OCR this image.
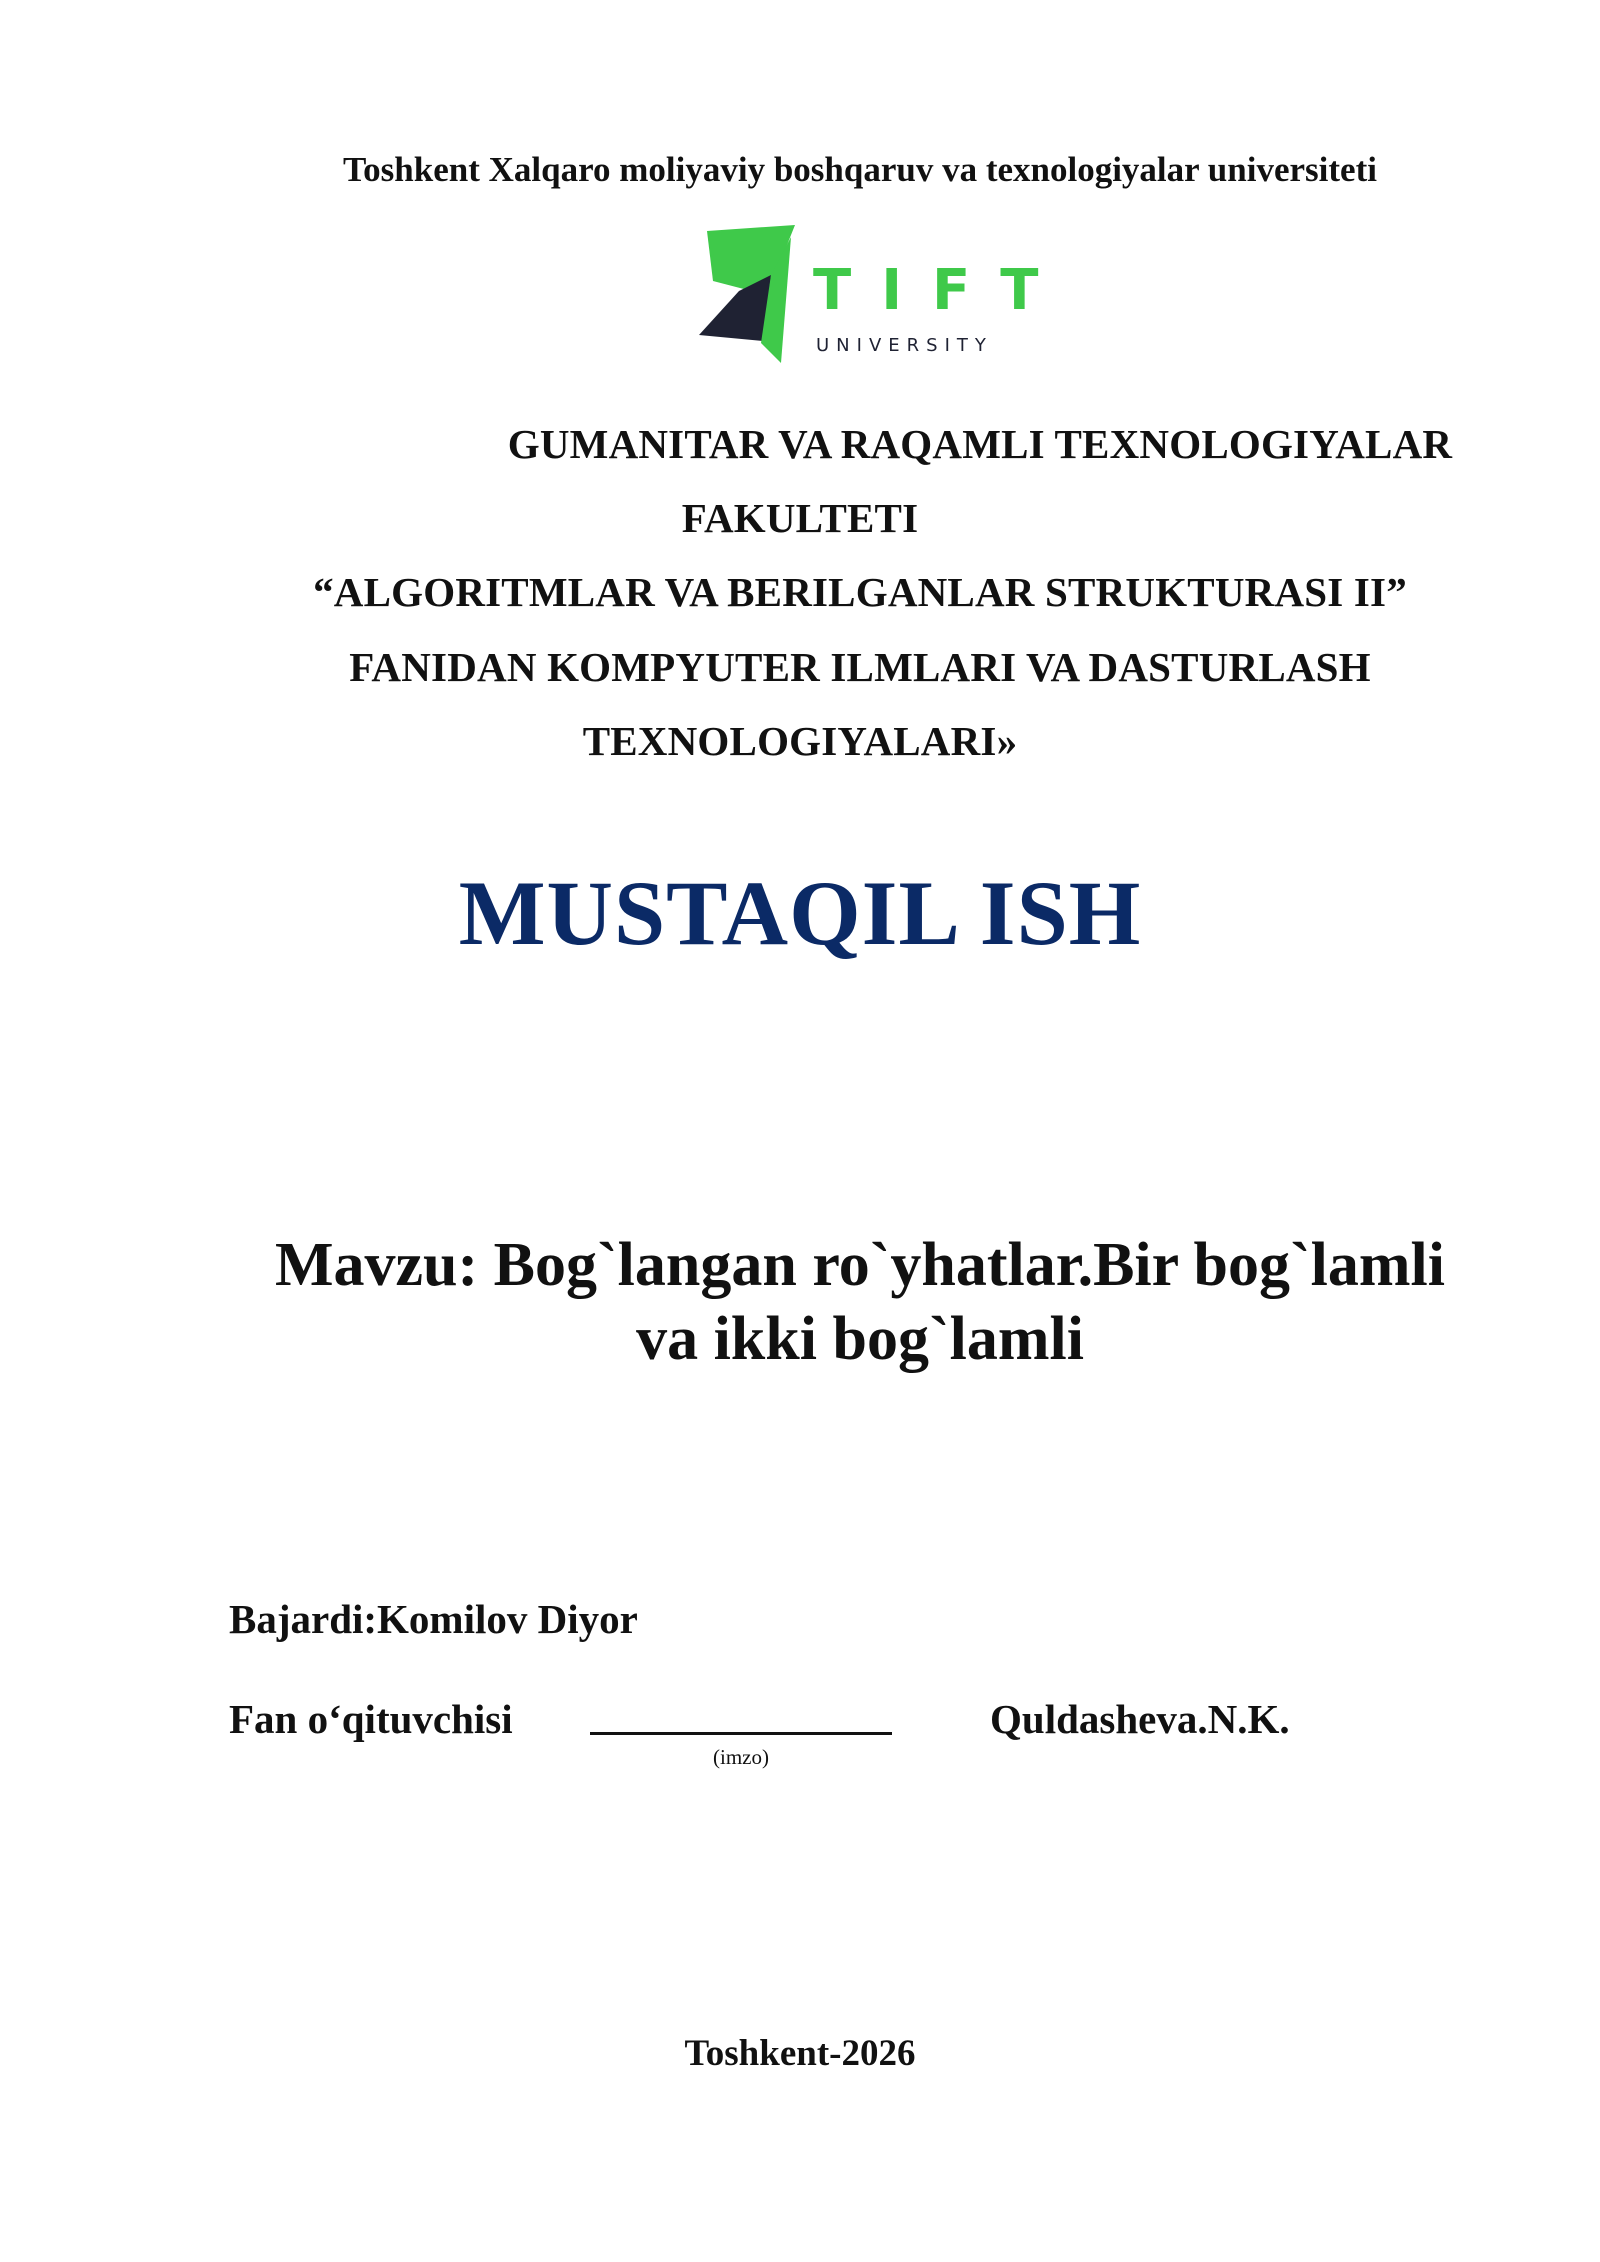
Toshkent Xalqaro moliyaviy boshqaruv va texnologiyalar universiteti
TIFT
UNIVERSITY
GUMANITAR VA RAQAMLI TEXNOLOGIYALAR
FAKULTETI
“ALGORITMLAR VA BERILGANLAR STRUKTURASI II”
FANIDAN KOMPYUTER ILMLARI VA DASTURLASH
TEXNOLOGIYALARI»
MUSTAQIL ISH
Mavzu: Bog`langan ro`yhatlar.Bir bog`lamli
va ikki bog`lamli
Bajardi:Komilov Diyor
Fan o‘qituvchisi
(imzo)
Quldasheva.N.K.
Toshkent-2026
